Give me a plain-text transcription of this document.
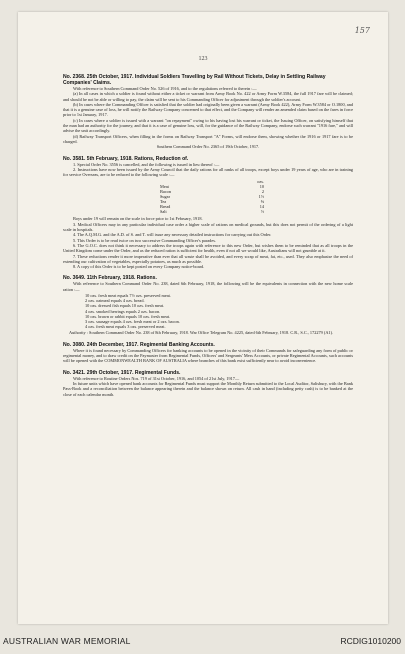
157
123
No. 2368. 25th October, 1917. Individual Soldiers Travelling by Rail Without Tickets, Delay in Settling Railway Companies' Claims.

With reference to Southern Command Order No. 526 of 1916, and to the regulations referred to therein :—

(a) In all cases in which a soldier is found without either a ticket or warrant from Army Book No. 422 or Army Form W.3584, the full 1917 fare will be claimed; and should he not be able or willing to pay, the claim will be sent to his Commanding Officer for adjustment through the soldier's account.

(b) In cases where the Commanding Officer is satisfied that the soldier had originally been given a warrant (Army Book 422), Army Form W.3584 or O.1800, and that it is a genuine case of loss, he will notify the Railway Company concerned to that effect, and the Company will render an amended claim based on the fares in force prior to 1st January, 1917.

(c) In cases where a soldier is issued with a warrant "on repayment" owing to his having lost his warrant or ticket, the Issuing Officer, on satisfying himself that the man had an authority for the journey, and that it is a case of genuine loss, will, for the guidance of the Railway Company, endorse such warrant "1916 fare," and will advise the unit accordingly.

(d) Railway Transport Officers, when filling in the forms on Railway Transport "A" Forms, will endorse them, showing whether the 1916 or 1917 fare is to be charged.

Southern Command Order No. 2365 of 19th October, 1917.

No. 3581. 5th February, 1918. Rations, Reduction of.

1. Special Order No. 3556 is cancelled, and the following is issued in lieu thereof :—

2. Instructions have now been issued by the Army Council that the daily rations for all ranks of all troops, except boys under 19 years of age, who are in training for service Overseas, are to be reduced to the following scale :—

	ozs.
Meat	10
Bacon	2
Sugar	1½
Tea	⅜
Bread	14
Salt	½

Boys under 19 will remain on the scale in force prior to 1st February, 1918.

3. Medical Officers may in any particular individual case order a higher scale of rations on medical grounds, but this does not permit of the ordering of a light scale in hospitals.

4. The A.Q.M.G. and the A.D. of S. and T. will issue any necessary detailed instructions for carrying out this Order.

5. This Order is to be read twice on two successive Commanding Officer's parades.

6. The G.O.C. does not think it necessary to address the troops again with reference to this new Order, but wishes them to be reminded that as all troops in the United Kingdom come under the Order, and as the reduced ration is sufficient for health, even if not all we would like, Australians will not grumble at it.

7. These reductions render it more imperative than ever that all waste shall be avoided, and every scrap of meat, fat, etc., used. They also emphasise the need of extending our cultivation of vegetables, especially potatoes, as much as possible.

8. A copy of this Order is to be kept posted on every Company notice-board.

No. 3649. 11th February, 1918. Rations.

With reference to Southern Command Order No. 238, dated 6th February, 1918, the following will be the equivalents in connection with the new home scale ration :—

10 ozs. fresh meat equals 7½ ozs. preserved meat.
2 ozs. oatmeal equals 4 ozs. bread.
10 ozs. dressed fish equals 10 ozs. fresh meat.
4 ozs. smoked herrings equals 2 ozs. bacon.
10 ozs. brawn or rabbit equals 10 ozs. fresh meat.
3 ozs. sausage equals 4 ozs. fresh meat or 2 ozs. bacon.
4 ozs. fresh meat equals 3 ozs. preserved meat.

Authority : Southern Command Order No. 238 of 8th February, 1918. War Office Telegram No. 4225, dated 6th February, 1918. C.R., S.C., 172279 (A1).

No. 3080. 24th December, 1917. Regimental Banking Accounts.

Where it is found necessary by Commanding Officers for banking accounts to be opened in the vicinity of their Commands for safeguarding any form of public or regimental money, and to draw credit on the Paymaster from Regimental Funds, Officers' and Sergeants' Mess Accounts, or private Regimental Accounts, such accounts will be opened with the COMMONWEALTH BANK OF AUSTRALIA where branches of this bank exist sufficiently near to avoid inconvenience.

No. 3421. 29th October, 1917. Regimental Funds.

With reference to Routine Orders Nos. 719 of 31st October, 1916, and 1054 of 21st July, 1917—

In future units which have opened bank accounts for Regimental Funds must support the Monthly Return submitted to the Local Auditor, Salisbury, with the Bank Pass-Book and a reconciliation between the balance appearing therein and the balance shown on return. All cash in hand (including petty cash) is to be banked at the close of each calendar month.

AUSTRALIAN WAR MEMORIAL	RCDIG1010200
